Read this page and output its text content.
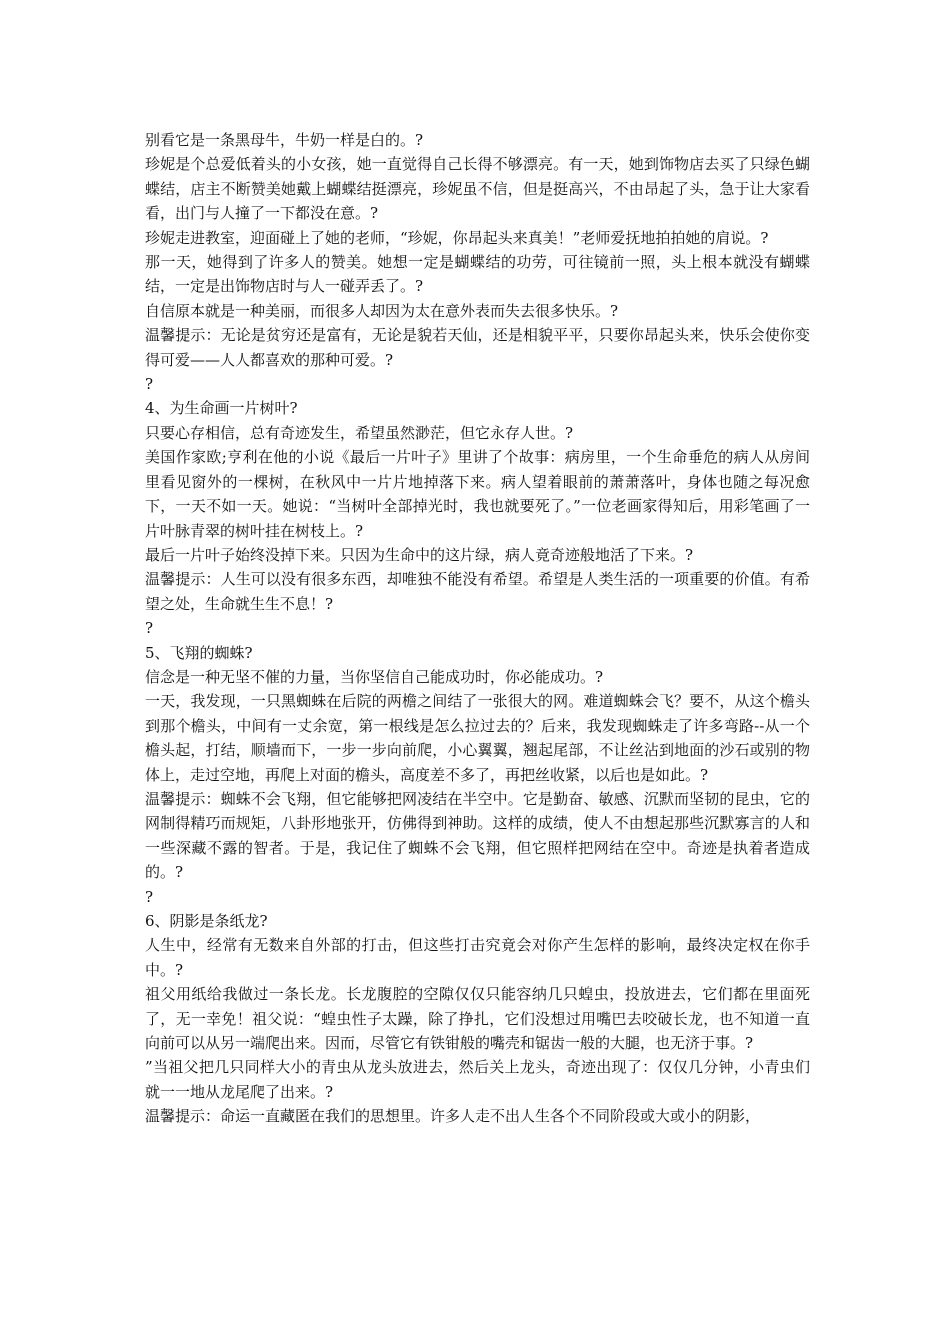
别看它是一条黑母牛，牛奶一样是白的。?

珍妮是个总爱低着头的小女孩，她一直觉得自己长得不够漂亮。有一天，她到饰物店去买了只绿色蝴蝶结，店主不断赞美她戴上蝴蝶结挺漂亮，珍妮虽不信，但是挺高兴，不由昂起了头，急于让大家看看，出门与人撞了一下都没在意。?

珍妮走进教室，迎面碰上了她的老师，“珍妮，你昂起头来真美！”老师爱抚地拍拍她的肩说。?

那一天，她得到了许多人的赞美。她想一定是蝴蝶结的功劳，可往镜前一照，头上根本就没有蝴蝶结，一定是出饰物店时与人一碰弄丢了。?

自信原本就是一种美丽，而很多人却因为太在意外表而失去很多快乐。?

温馨提示：无论是贫穷还是富有，无论是貌若天仙，还是相貌平平，只要你昂起头来，快乐会使你变得可爱——人人都喜欢的那种可爱。?

?

4、为生命画一片树叶?

只要心存相信，总有奇迹发生，希望虽然渺茫，但它永存人世。?

美国作家欧;亨利在他的小说《最后一片叶子》里讲了个故事：病房里，一个生命垂危的病人从房间里看见窗外的一棵树，在秋风中一片片地掉落下来。病人望着眼前的萧萧落叶，身体也随之每况愈下，一天不如一天。她说：“当树叶全部掉光时，我也就要死了。”一位老画家得知后，用彩笔画了一片叶脉青翠的树叶挂在树枝上。?

最后一片叶子始终没掉下来。只因为生命中的这片绿，病人竟奇迹般地活了下来。?

温馨提示：人生可以没有很多东西，却唯独不能没有希望。希望是人类生活的一项重要的价值。有希望之处，生命就生生不息！?

?

5、飞翔的蜘蛛?

信念是一种无坚不催的力量，当你坚信自己能成功时，你必能成功。?

一天，我发现，一只黑蜘蛛在后院的两檐之间结了一张很大的网。难道蜘蛛会飞？要不，从这个檐头到那个檐头，中间有一丈余宽，第一根线是怎么拉过去的？后来，我发现蜘蛛走了许多弯路--从一个檐头起，打结，顺墙而下，一步一步向前爬，小心翼翼，翘起尾部，不让丝沾到地面的沙石或别的物体上，走过空地，再爬上对面的檐头，高度差不多了，再把丝收紧，以后也是如此。?

温馨提示：蜘蛛不会飞翔，但它能够把网凌结在半空中。它是勤奋、敏感、沉默而坚韧的昆虫，它的网制得精巧而规矩，八卦形地张开，仿佛得到神助。这样的成绩，使人不由想起那些沉默寡言的人和一些深藏不露的智者。于是，我记住了蜘蛛不会飞翔，但它照样把网结在空中。奇迹是执着者造成的。?

?

6、阴影是条纸龙?

人生中，经常有无数来自外部的打击，但这些打击究竟会对你产生怎样的影响，最终决定权在你手中。?

祖父用纸给我做过一条长龙。长龙腹腔的空隙仅仅只能容纳几只蝗虫，投放进去，它们都在里面死了，无一幸免！祖父说：“蝗虫性子太躁，除了挣扎，它们没想过用嘴巴去咬破长龙，也不知道一直向前可以从另一端爬出来。因而，尽管它有铁钳般的嘴壳和锯齿一般的大腿，也无济于事。?

”当祖父把几只同样大小的青虫从龙头放进去，然后关上龙头，奇迹出现了：仅仅几分钟，小青虫们就一一地从龙尾爬了出来。?

温馨提示：命运一直藏匿在我们的思想里。许多人走不出人生各个不同阶段或大或小的阴影，
